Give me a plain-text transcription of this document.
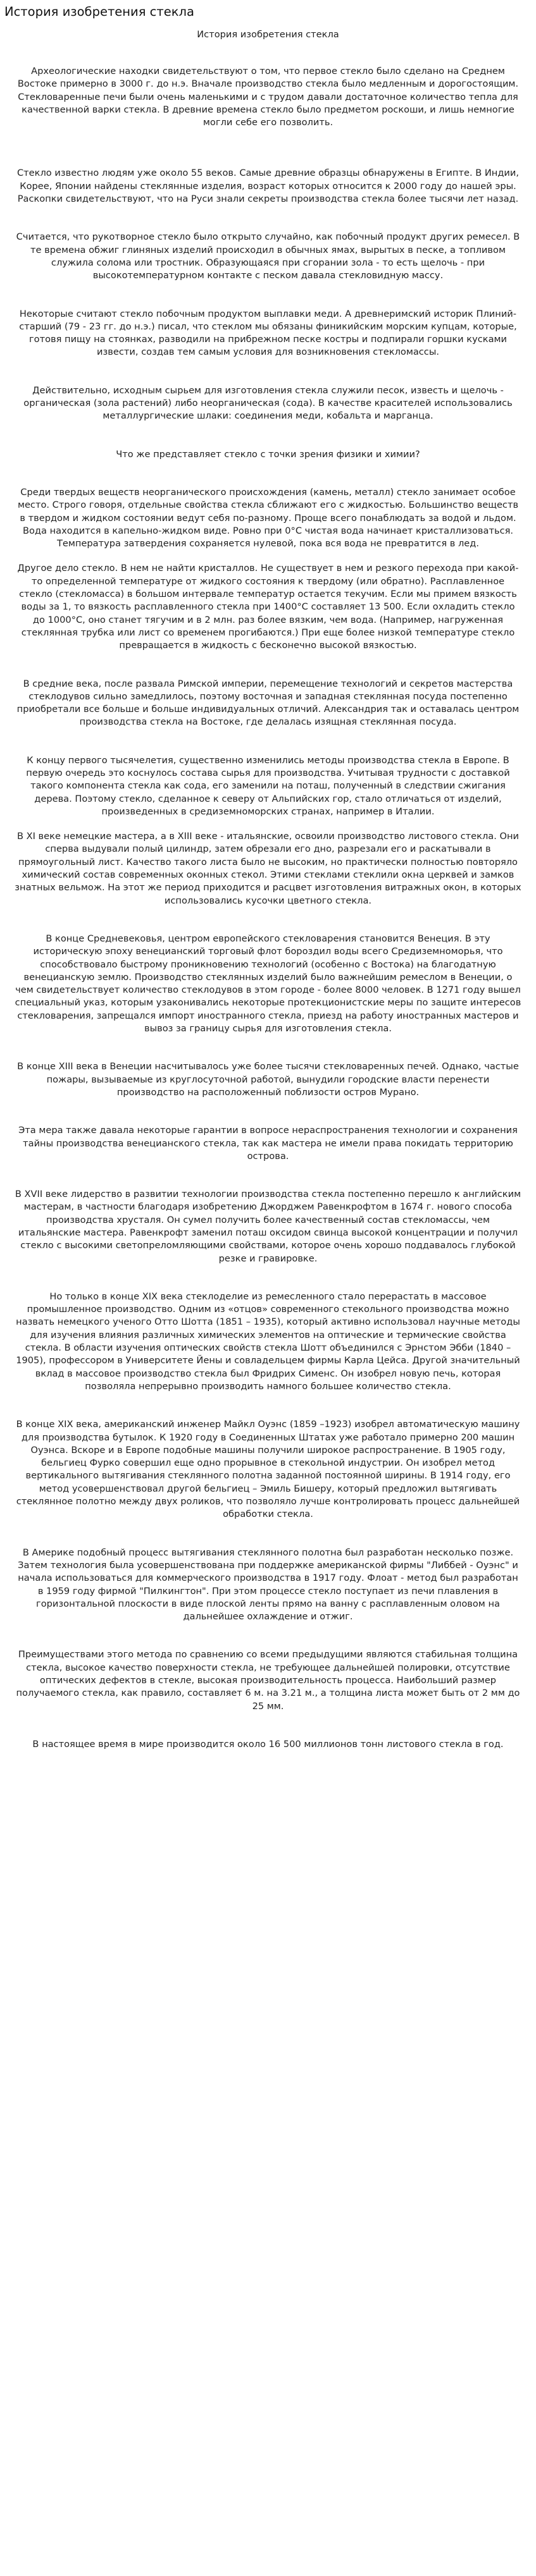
История изобретения стекла
История изобретения стекла

Археологические находки свидетельствуют о том, что первое стекло было сделано на Среднем Востоке примерно в 3000 г. до н.э. Вначале производство стекла было медленным и дорогостоящим. Стекловаренные печи были очень маленькими и с трудом давали достаточное количество тепла для качественной варки стекла. В древние времена стекло было предметом роскоши, и лишь немногие могли себе его позволить.

Стекло известно людям уже около 55 веков. Самые древние образцы обнаружены в Египте. В Индии, Корее, Японии найдены стеклянные изделия, возраст которых относится к 2000 году до нашей эры. Раскопки свидетельствуют, что на Руси знали секреты производства стекла более тысячи лет назад.

Считается, что рукотворное стекло было открыто случайно, как побочный продукт других ремесел. В те времена обжиг глиняных изделий происходил в обычных ямах, вырытых в песке, а топливом служила солома или тростник. Образующаяся при сгорании зола - то есть щелочь - при высокотемпературном контакте с песком давала стекловидную массу.

Некоторые считают стекло побочным продуктом выплавки меди. А древнеримский историк Плиний-старший (79 - 23 гг. до н.э.) писал, что стеклом мы обязаны финикийским морским купцам, которые, готовя пищу на стоянках, разводили на прибрежном песке костры и подпирали горшки кусками извести, создав тем самым условия для возникновения стекломассы.

Действительно, исходным сырьем для изготовления стекла служили песок, известь и щелочь - органическая (зола растений) либо неорганическая (сода). В качестве красителей использовались металлургические шлаки: соединения меди, кобальта и марганца.

Что же представляет стекло с точки зрения физики и химии?

Среди твердых веществ неорганического происхождения (камень, металл) стекло занимает особое место. Строго говоря, отдельные свойства стекла сближают его с жидкостью. Большинство веществ в твердом и жидком состоянии ведут себя по-разному. Проще всего понаблюдать за водой и льдом. Вода находится в капельно-жидком виде. Ровно при 0°C чистая вода начинает кристаллизоваться. Температура затвердения сохраняется нулевой, пока вся вода не превратится в лед.

Другое дело стекло. В нем не найти кристаллов. Не существует в нем и резкого перехода при какой-то определенной температуре от жидкого состояния к твердому (или обратно). Расплавленное стекло (стекломасса) в большом интервале температур остается текучим. Если мы примем вязкость воды за 1, то вязкость расплавленного стекла при 1400°C составляет 13 500. Если охладить стекло до 1000°C, оно станет тягучим и в 2 млн. раз более вязким, чем вода. (Например, нагруженная стеклянная трубка или лист со временем прогибаются.) При еще более низкой температуре стекло превращается в жидкость с бесконечно высокой вязкостью.

В средние века, после развала Римской империи, перемещение технологий и секретов мастерства стеклодувов сильно замедлилось, поэтому восточная и западная стеклянная посуда постепенно приобретали все больше и больше индивидуальных отличий. Александрия так и оставалась центром производства стекла на Востоке, где делалась изящная стеклянная посуда.

К концу первого тысячелетия, существенно изменились методы производства стекла в Европе. В первую очередь это коснулось состава сырья для производства. Учитывая трудности с доставкой такого компонента стекла как сода, его заменили на поташ, полученный в следствии сжигания дерева. Поэтому стекло, сделанное к северу от Альпийских гор, стало отличаться от изделий, произведенных в средиземноморских странах, например в Италии.

В XI веке немецкие мастера, а в XIII веке - итальянские, освоили производство листового стекла. Они сперва выдували полый цилиндр, затем обрезали его дно, разрезали его и раскатывали в прямоугольный лист. Качество такого листа было не высоким, но практически полностью повторяло химический состав современных оконных стекол. Этими стеклами стеклили окна церквей и замков знатных вельмож. На этот же период приходится и расцвет изготовления витражных окон, в которых использовались кусочки цветного стекла.

В конце Средневековья, центром европейского стекловарения становится Венеция. В эту историческую эпоху венецианский торговый флот бороздил воды всего Средиземноморья, что способствовало быстрому проникновению технологий (особенно с Востока) на благодатную венецианскую землю. Производство стеклянных изделий было важнейшим ремеслом в Венеции, о чем свидетельствует количество стеклодувов в этом городе - более 8000 человек. В 1271 году вышел специальный указ, которым узаконивались некоторые протекционистские меры по защите интересов стекловарения, запрещался импорт иностранного стекла, приезд на работу иностранных мастеров и вывоз за границу сырья для изготовления стекла.

В конце XIII века в Венеции насчитывалось уже более тысячи стекловаренных печей. Однако, частые пожары, вызываемые из круглосуточной работой, вынудили городские власти перенести производство на расположенный поблизости остров Мурано.

Эта мера также давала некоторые гарантии в вопросе нераспространения технологии и сохранения тайны производства венецианского стекла, так как мастера не имели права покидать территорию острова.

В XVII веке лидерство в развитии технологии производства стекла постепенно перешло к английским мастерам, в частности благодаря изобретению Джорджем Равенкрофтом в 1674 г. нового способа производства хрусталя. Он сумел получить более качественный состав стекломассы, чем итальянские мастера. Равенкрофт заменил поташ оксидом свинца высокой концентрации и получил стекло с высокими светопреломляющими свойствами, которое очень хорошо поддавалось глубокой резке и гравировке.

Но только в конце XIX века стеклоделие из ремесленного стало перерастать в массовое промышленное производство. Одним из «отцов» современного стекольного производства можно назвать немецкого ученого Отто Шотта (1851 – 1935), который активно использовал научные методы для изучения влияния различных химических элементов на оптические и термические свойства стекла. В области изучения оптических свойств стекла Шотт объединился с Эрнстом Эбби (1840 – 1905), профессором в Университете Йены и совладельцем фирмы Карла Цейса. Другой значительный вклад в массовое производство стекла был Фридрих Сименс. Он изобрел новую печь, которая позволяла непрерывно производить намного большее количество стекла.

В конце XIX века, американский инженер Майкл Оуэнс (1859 –1923) изобрел автоматическую машину для производства бутылок. К 1920 году в Соединенных Штатах уже работало примерно 200 машин Оуэнса. Вскоре и в Европе подобные машины получили широкое распространение. В 1905 году, бельгиец Фурко совершил еще одно прорывное в стекольной индустрии. Он изобрел метод вертикального вытягивания стеклянного полотна заданной постоянной ширины. В 1914 году, его метод усовершенствовал другой бельгиец – Эмиль Бишеру, который предложил вытягивать стеклянное полотно между двух роликов, что позволяло лучше контролировать процесс дальнейшей обработки стекла.

В Америке подобный процесс вытягивания стеклянного полотна был разработан несколько позже. Затем технология была усовершенствована при поддержке американской фирмы "Либбей - Оуэнс" и начала использоваться для коммерческого производства в 1917 году. Флоат - метод был разработан в 1959 году фирмой "Пилкингтон". При этом процессе стекло поступает из печи плавления в горизонтальной плоскости в виде плоской ленты прямо на ванну с расплавленным оловом на дальнейшее охлаждение и отжиг.

Преимуществами этого метода по сравнению со всеми предыдущими являются стабильная толщина стекла, высокое качество поверхности стекла, не требующее дальнейшей полировки, отсутствие оптических дефектов в стекле, высокая производительность процесса. Наибольший размер получаемого стекла, как правило, составляет 6 м. на 3.21 м., а толщина листа может быть от 2 мм до 25 мм.

В настоящее время в мире производится около 16 500 миллионов тонн листового стекла в год.
